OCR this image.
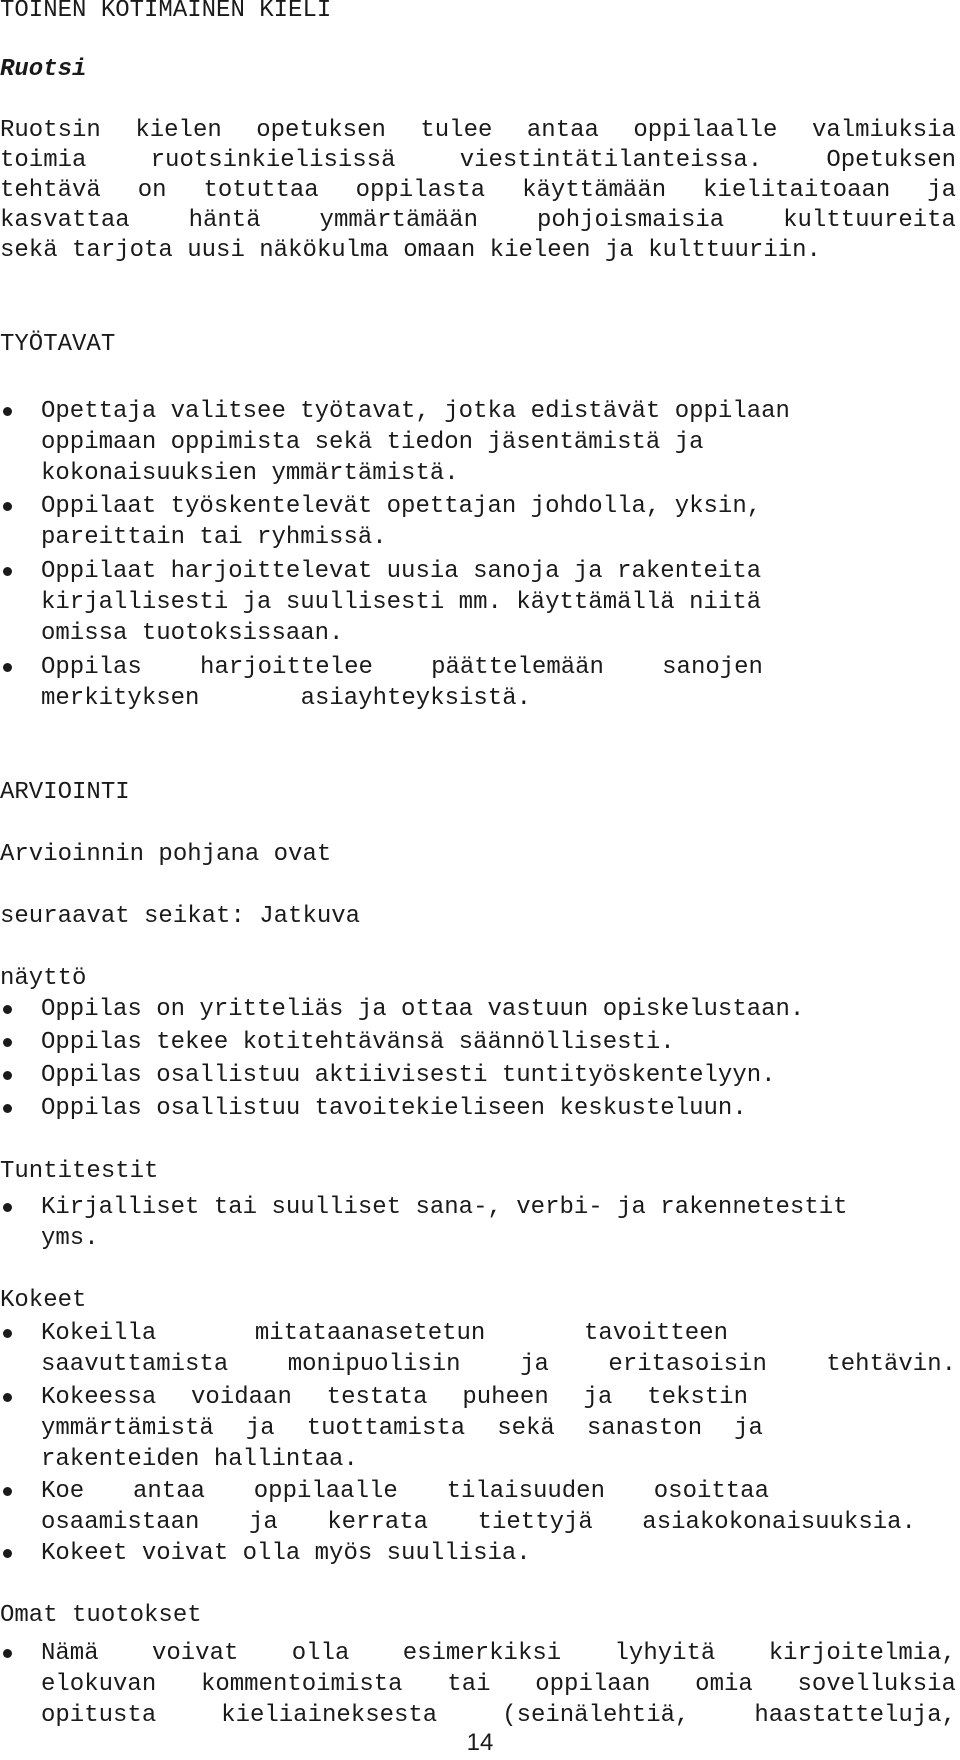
TOINEN KOTIMAINEN KIELI

Ruotsi

Ruotsin kielen opetuksen tulee antaa oppilaalle valmiuksia
toimia	ruotsinkielisissä	viestintätilanteissa.	Opetuksen
tehtävä on totuttaa oppilasta käyttämään kielitaitoaan ja
kasvattaa häntä ymmärtämään pohjoismaisia kulttuureita

sekä tarjota uusi näkökulma omaan kieleen ja kulttuuriin.

TYÖTAVAT

Opettaja valitsee työtavat, jotka edistävät oppilaan

oppimaan oppimista sekä tiedon jäsentämistä ja

kokonaisuuksien ymmärtämistä.

Oppilaat työskentelevät opettajan johdolla, yksin,

pareittain tai ryhmissä.

Oppilaat harjoittelevat uusia sanoja ja rakenteita

kirjallisesti ja suullisesti mm. käyttämällä niitä

omissa tuotoksissaan.

Oppilas harjoittelee päättelemään sanojen
merkityksen	asiayhteyksistä.

ARVIOINTI

Arvioinnin pohjana ovat

seuraavat seikat: Jatkuva

näyttö

Oppilas on yritteliäs ja ottaa vastuun opiskelustaan.

Oppilas tekee kotitehtävänsä säännöllisesti.

Oppilas osallistuu aktiivisesti tuntityöskentelyyn.

Oppilas osallistuu tavoitekieliseen keskusteluun.

Tuntitestit

Kirjalliset tai suulliset sana-, verbi- ja rakennetestit

yms.

Kokeet

Kokeilla	mitataanasetetun	tavoitteen
saavuttamista monipuolisin ja eritasoisin tehtävin.
Kokeessa voidaan testata puheen ja tekstin
ymmärtämistä ja tuottamista sekä sanaston ja

rakenteiden hallintaa.

Koe antaa oppilaalle tilaisuuden osoittaa
osaamistaan ja kerrata tiettyjä asiakokonaisuuksia.

Kokeet voivat olla myös suullisia.

Omat tuotokset

Nämä voivat olla esimerkiksi lyhyitä kirjoitelmia,
elokuvan kommentoimista tai oppilaan omia sovelluksia
opitusta	kieliaineksesta	(seinälehtiä,	haastatteluja,
14
